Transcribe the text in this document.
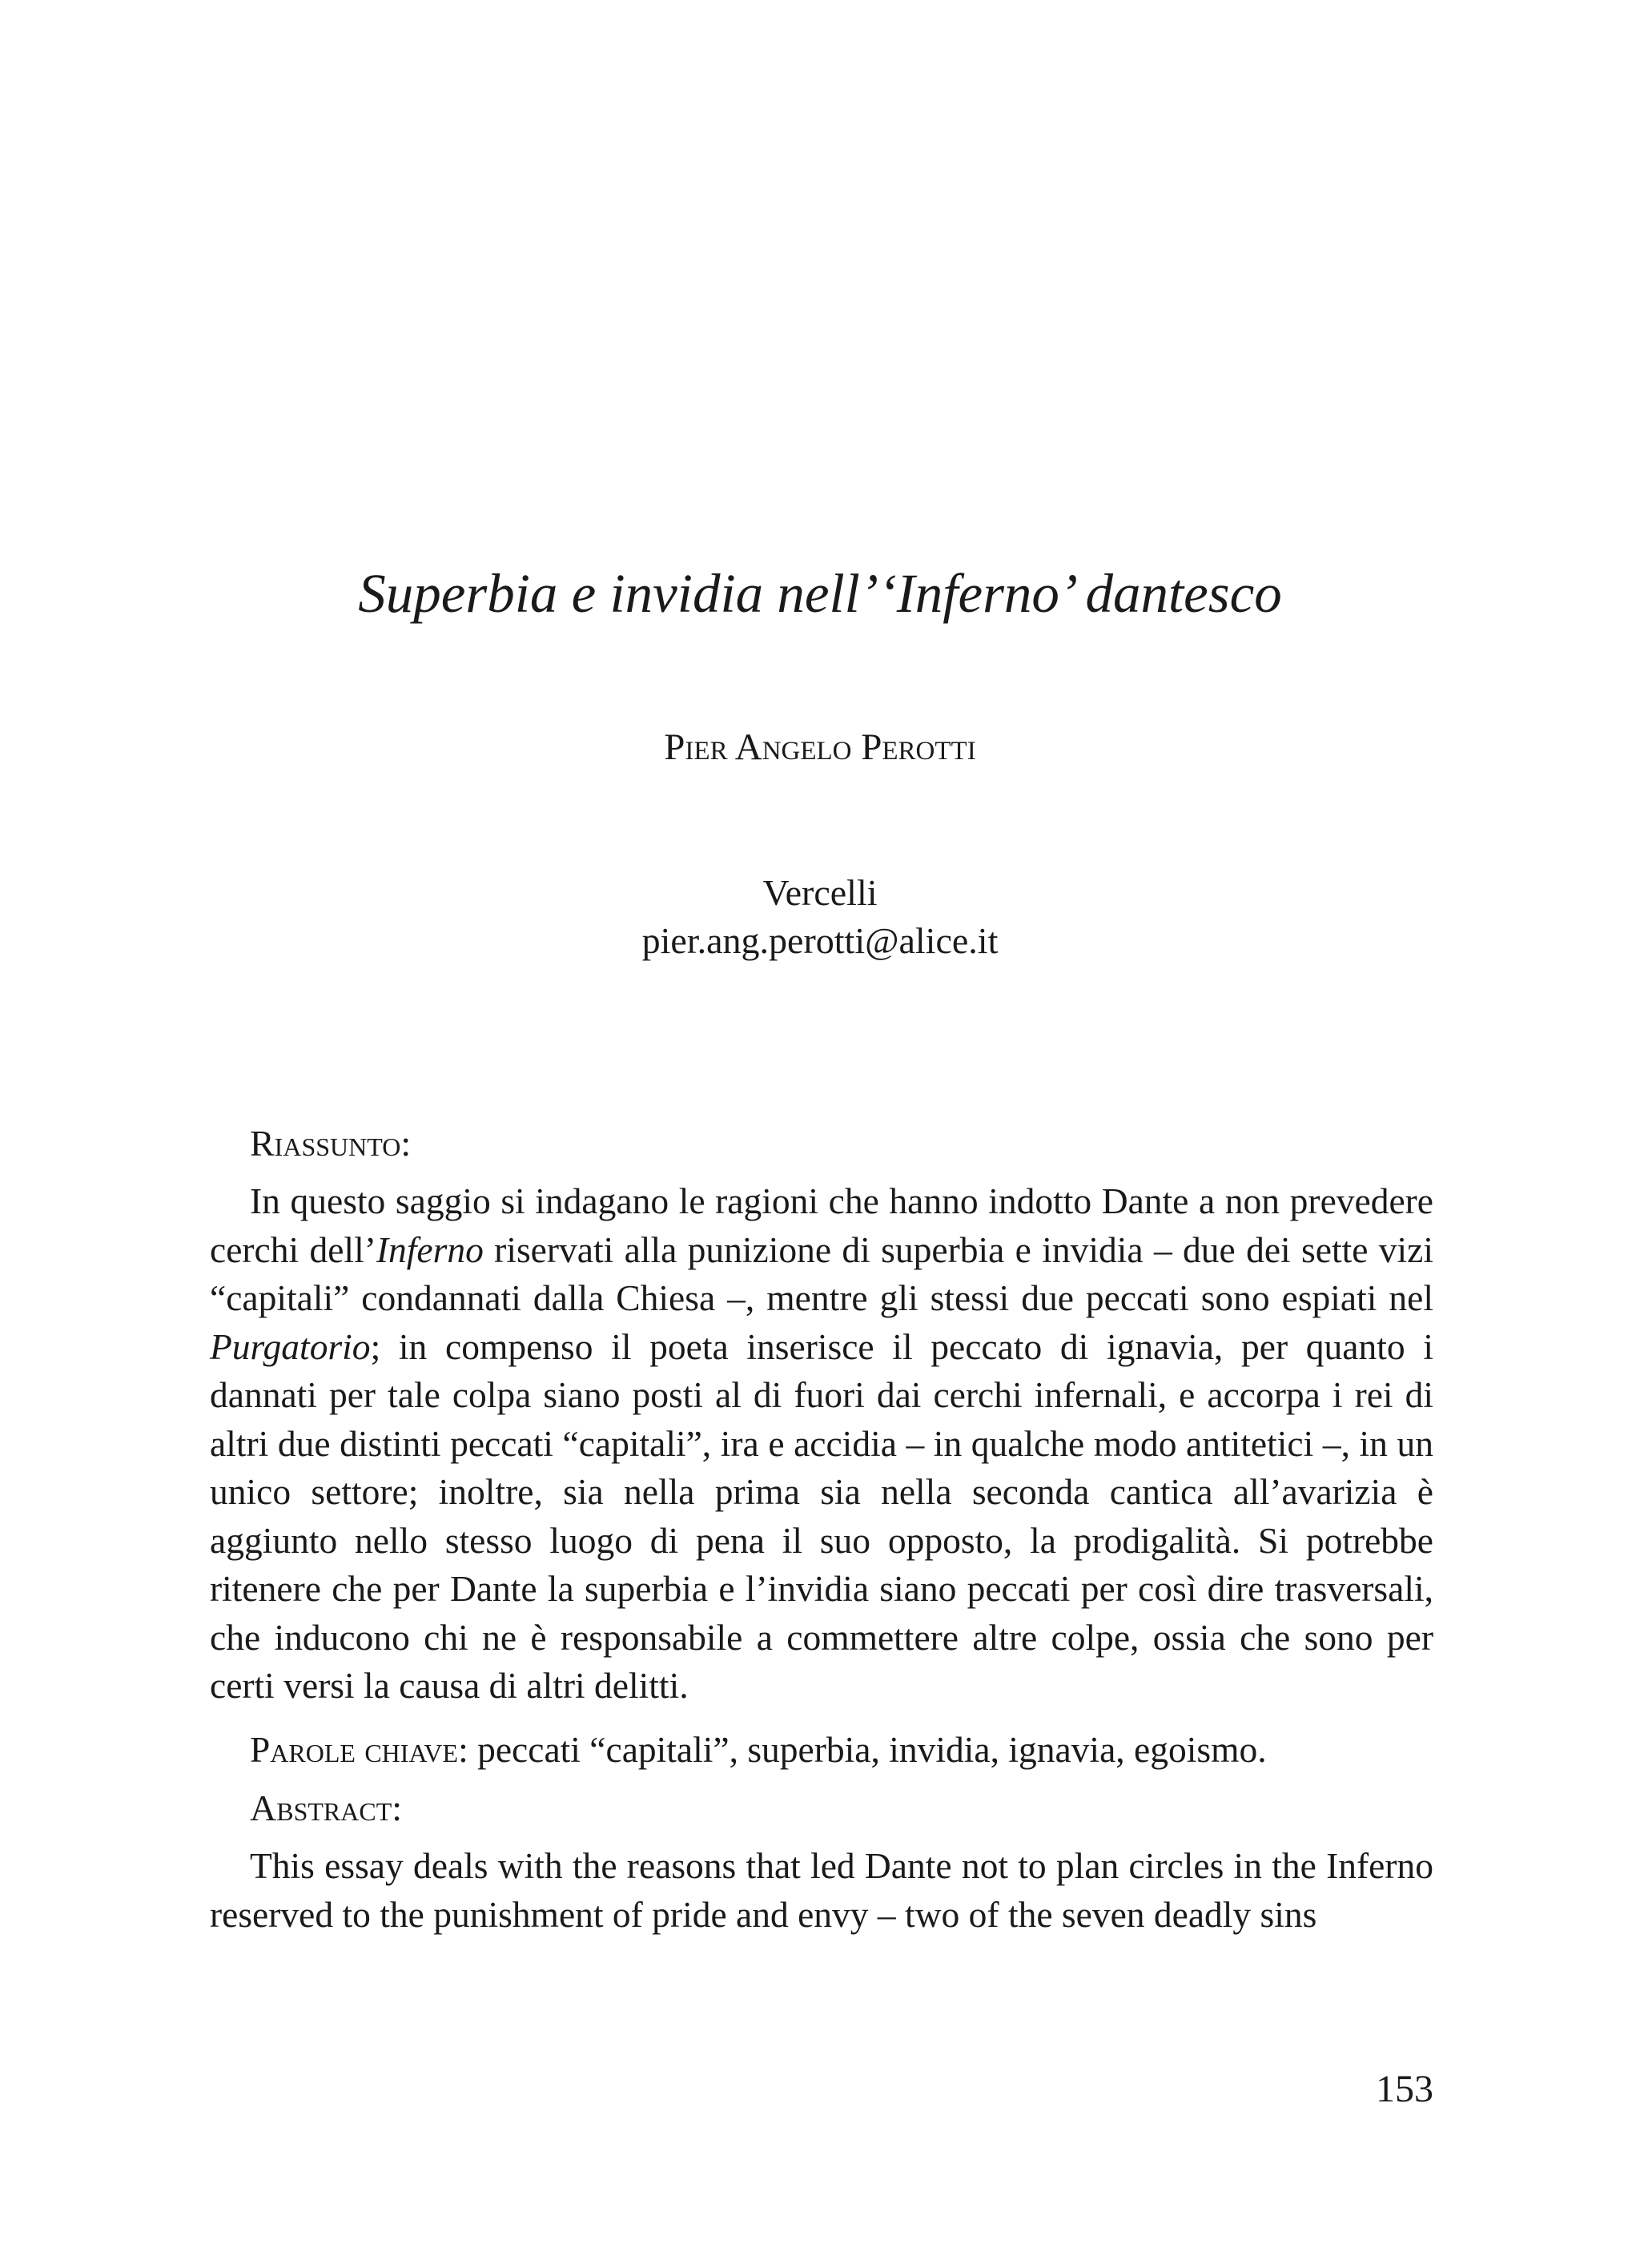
Superbia e invidia nell’‘Inferno’ dantesco
Pier Angelo Perotti
Vercelli
pier.ang.perotti@alice.it
Riassunto:
In questo saggio si indagano le ragioni che hanno indotto Dante a non prevedere cerchi dell’Inferno riservati alla punizione di superbia e invidia – due dei sette vizi “capitali” condannati dalla Chiesa –, mentre gli stessi due peccati sono espiati nel Purgatorio; in compenso il poeta inserisce il peccato di ignavia, per quanto i dannati per tale colpa siano posti al di fuori dai cerchi infernali, e accorpa i rei di altri due distinti peccati “capitali”, ira e accidia – in qualche modo antitetici –, in un unico settore; inoltre, sia nella prima sia nella seconda cantica all’avarizia è aggiunto nello stesso luogo di pena il suo opposto, la prodigalità. Si potrebbe ritenere che per Dante la superbia e l’invidia siano peccati per così dire trasversali, che inducono chi ne è responsabile a commettere altre colpe, ossia che sono per certi versi la causa di altri delitti.
Parole chiave: peccati “capitali”, superbia, invidia, ignavia, egoismo.
Abstract:
This essay deals with the reasons that led Dante not to plan circles in the Inferno reserved to the punishment of pride and envy – two of the seven deadly sins
153
